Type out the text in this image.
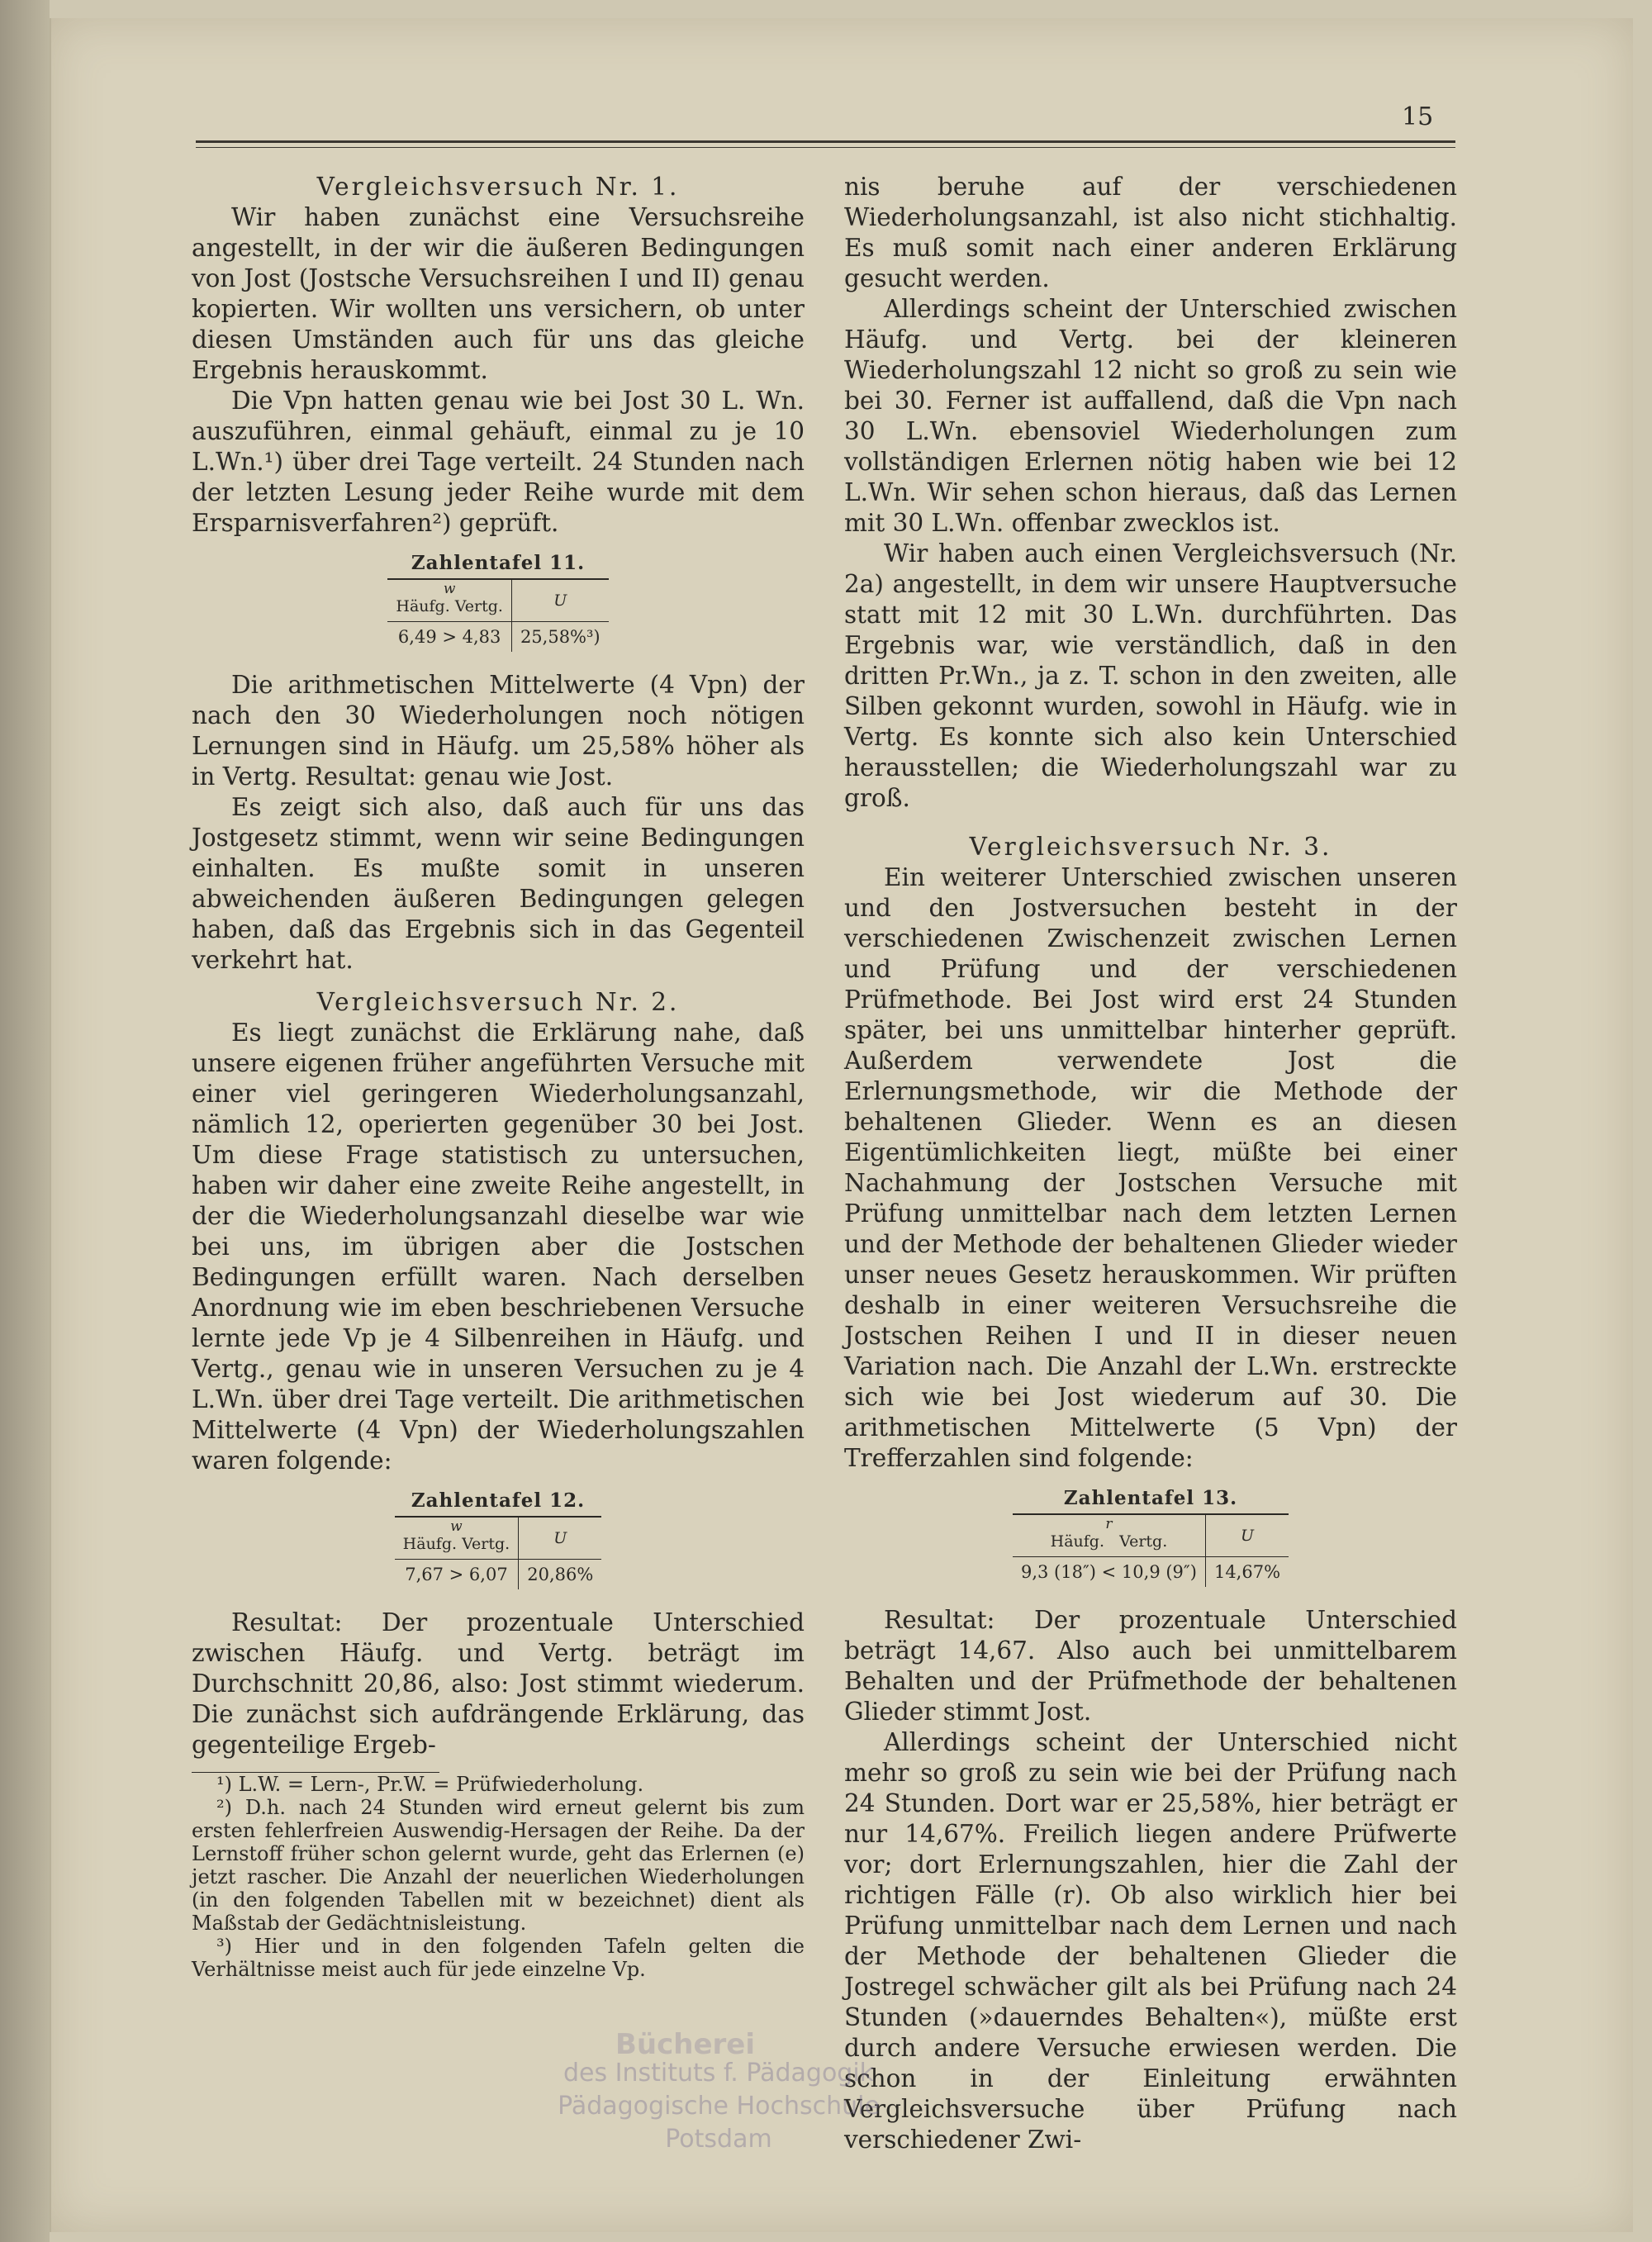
15

Vergleichsversuch Nr. 1.

Wir haben zunächst eine Versuchsreihe angestellt, in der wir die äußeren Bedingungen von Jost (Jostsche Versuchsreihen I und II) genau kopierten. Wir wollten uns versichern, ob unter diesen Umständen auch für uns das gleiche Ergebnis herauskommt.

Die Vpn hatten genau wie bei Jost 30 L. Wn. auszuführen, einmal gehäuft, einmal zu je 10 L.Wn.¹) über drei Tage verteilt. 24 Stunden nach der letzten Lesung jeder Reihe wurde mit dem Ersparnisverfahren²) geprüft.

Zahlentafel 11.
w
Häufg. Vertg.	U
6,49 > 4,83	25,58%³)

Die arithmetischen Mittelwerte (4 Vpn) der nach den 30 Wiederholungen noch nötigen Lernungen sind in Häufg. um 25,58% höher als in Vertg. Resultat: genau wie Jost.

Es zeigt sich also, daß auch für uns das Jostgesetz stimmt, wenn wir seine Bedingungen einhalten. Es mußte somit in unseren abweichenden äußeren Bedingungen gelegen haben, daß das Ergebnis sich in das Gegenteil verkehrt hat.

Vergleichsversuch Nr. 2.

Es liegt zunächst die Erklärung nahe, daß unsere eigenen früher angeführten Versuche mit einer viel geringeren Wiederholungsanzahl, nämlich 12, operierten gegenüber 30 bei Jost. Um diese Frage statistisch zu untersuchen, haben wir daher eine zweite Reihe angestellt, in der die Wiederholungsanzahl dieselbe war wie bei uns, im übrigen aber die Jostschen Bedingungen erfüllt waren. Nach derselben Anordnung wie im eben beschriebenen Versuche lernte jede Vp je 4 Silbenreihen in Häufg. und Vertg., genau wie in unseren Versuchen zu je 4 L.Wn. über drei Tage verteilt. Die arithmetischen Mittelwerte (4 Vpn) der Wiederholungszahlen waren folgende:

Zahlentafel 12.
w
Häufg. Vertg.	U
7,67 > 6,07	20,86%

Resultat: Der prozentuale Unterschied zwischen Häufg. und Vertg. beträgt im Durchschnitt 20,86, also: Jost stimmt wiederum. Die zunächst sich aufdrängende Erklärung, das gegenteilige Ergeb-

¹) L.W. = Lern-, Pr.W. = Prüfwiederholung.

²) D.h. nach 24 Stunden wird erneut gelernt bis zum ersten fehlerfreien Auswendig-Hersagen der Reihe. Da der Lernstoff früher schon gelernt wurde, geht das Erlernen (e) jetzt rascher. Die Anzahl der neuerlichen Wiederholungen (in den folgenden Tabellen mit w bezeichnet) dient als Maßstab der Gedächtnisleistung.

³) Hier und in den folgenden Tafeln gelten die Verhältnisse meist auch für jede einzelne Vp.

nis beruhe auf der verschiedenen Wiederholungsanzahl, ist also nicht stichhaltig. Es muß somit nach einer anderen Erklärung gesucht werden.

Allerdings scheint der Unterschied zwischen Häufg. und Vertg. bei der kleineren Wiederholungszahl 12 nicht so groß zu sein wie bei 30. Ferner ist auffallend, daß die Vpn nach 30 L.Wn. ebensoviel Wiederholungen zum vollständigen Erlernen nötig haben wie bei 12 L.Wn. Wir sehen schon hieraus, daß das Lernen mit 30 L.Wn. offenbar zwecklos ist.

Wir haben auch einen Vergleichsversuch (Nr. 2a) angestellt, in dem wir unsere Hauptversuche statt mit 12 mit 30 L.Wn. durchführten. Das Ergebnis war, wie verständlich, daß in den dritten Pr.Wn., ja z. T. schon in den zweiten, alle Silben gekonnt wurden, sowohl in Häufg. wie in Vertg. Es konnte sich also kein Unterschied herausstellen; die Wiederholungszahl war zu groß.

Vergleichsversuch Nr. 3.

Ein weiterer Unterschied zwischen unseren und den Jostversuchen besteht in der verschiedenen Zwischenzeit zwischen Lernen und Prüfung und der verschiedenen Prüfmethode. Bei Jost wird erst 24 Stunden später, bei uns unmittelbar hinterher geprüft. Außerdem verwendete Jost die Erlernungsmethode, wir die Methode der behaltenen Glieder. Wenn es an diesen Eigentümlichkeiten liegt, müßte bei einer Nachahmung der Jostschen Versuche mit Prüfung unmittelbar nach dem letzten Lernen und der Methode der behaltenen Glieder wieder unser neues Gesetz herauskommen. Wir prüften deshalb in einer weiteren Versuchsreihe die Jostschen Reihen I und II in dieser neuen Variation nach. Die Anzahl der L.Wn. erstreckte sich wie bei Jost wiederum auf 30. Die arithmetischen Mittelwerte (5 Vpn) der Trefferzahlen sind folgende:

Zahlentafel 13.
r
Häufg.   Vertg.	U
9,3 (18″) < 10,9 (9″)	14,67%

Resultat: Der prozentuale Unterschied beträgt 14,67. Also auch bei unmittelbarem Behalten und der Prüfmethode der behaltenen Glieder stimmt Jost.

Allerdings scheint der Unterschied nicht mehr so groß zu sein wie bei der Prüfung nach 24 Stunden. Dort war er 25,58%, hier beträgt er nur 14,67%. Freilich liegen andere Prüfwerte vor; dort Erlernungszahlen, hier die Zahl der richtigen Fälle (r). Ob also wirklich hier bei Prüfung unmittelbar nach dem Lernen und nach der Methode der behaltenen Glieder die Jostregel schwächer gilt als bei Prüfung nach 24 Stunden (»dauerndes Behalten«), müßte erst durch andere Versuche erwiesen werden. Die schon in der Einleitung erwähnten Vergleichsversuche über Prüfung nach verschiedener Zwi-

Bücherei
des Instituts f. Pädagogik
Pädagogische Hochschule Potsdam
